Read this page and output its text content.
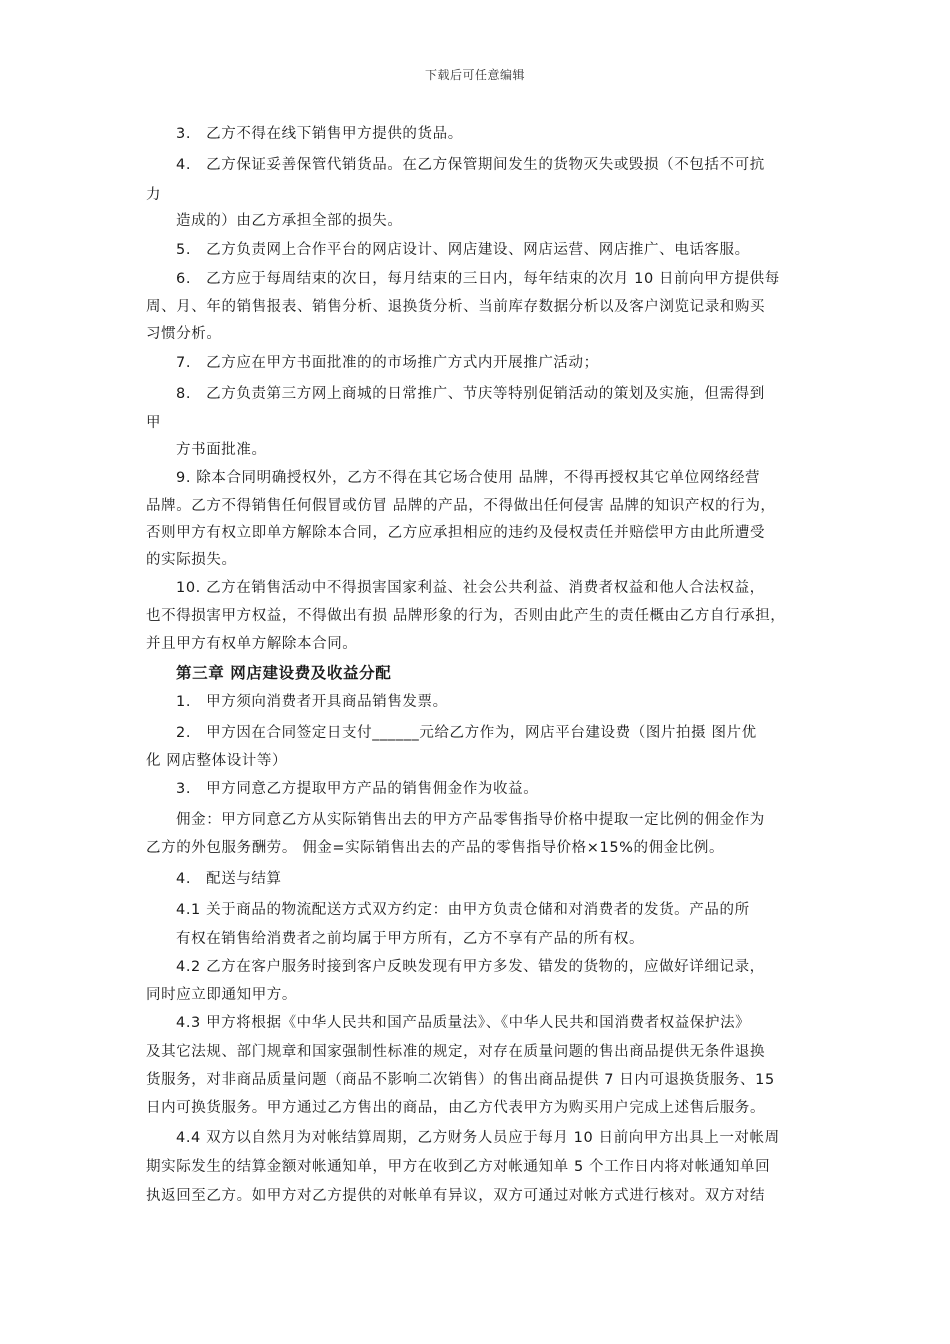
下载后可任意编辑
3.　乙方不得在线下销售甲方提供的货品。
4.　乙方保证妥善保管代销货品。在乙方保管期间发生的货物灭失或毁损（不包括不可抗
力
造成的）由乙方承担全部的损失。
5.　乙方负责网上合作平台的网店设计、网店建设、网店运营、网店推广、电话客服。
6.　乙方应于每周结束的次日，每月结束的三日内，每年结束的次月 10 日前向甲方提供每
周、月、年的销售报表、销售分析、退换货分析、当前库存数据分析以及客户浏览记录和购买
习惯分析。
7.　乙方应在甲方书面批准的的市场推广方式内开展推广活动；
8.　乙方负责第三方网上商城的日常推广、节庆等特别促销活动的策划及实施，但需得到
甲
方书面批准。
9. 除本合同明确授权外，乙方不得在其它场合使用 品牌，不得再授权其它单位网络经营
品牌。乙方不得销售任何假冒或仿冒 品牌的产品，不得做出任何侵害 品牌的知识产权的行为，
否则甲方有权立即单方解除本合同，乙方应承担相应的违约及侵权责任并赔偿甲方由此所遭受
的实际损失。
10. 乙方在销售活动中不得损害国家利益、社会公共利益、消费者权益和他人合法权益，
也不得损害甲方权益，不得做出有损 品牌形象的行为，否则由此产生的责任概由乙方自行承担，
并且甲方有权单方解除本合同。
第三章 网店建设费及收益分配
1.　甲方须向消费者开具商品销售发票。
2.　甲方因在合同签定日支付______元给乙方作为，网店平台建设费（图片拍摄 图片优
化 网店整体设计等）
3.　甲方同意乙方提取甲方产品的销售佣金作为收益。
佣金：甲方同意乙方从实际销售出去的甲方产品零售指导价格中提取一定比例的佣金作为
乙方的外包服务酬劳。 佣金=实际销售出去的产品的零售指导价格×15%的佣金比例。
4.　配送与结算
4.1 关于商品的物流配送方式双方约定：由甲方负责仓储和对消费者的发货。产品的所
有权在销售给消费者之前均属于甲方所有，乙方不享有产品的所有权。
4.2 乙方在客户服务时接到客户反映发现有甲方多发、错发的货物的，应做好详细记录，
同时应立即通知甲方。
4.3 甲方将根据《中华人民共和国产品质量法》、《中华人民共和国消费者权益保护法》
及其它法规、部门规章和国家强制性标准的规定，对存在质量问题的售出商品提供无条件退换
货服务，对非商品质量问题（商品不影响二次销售）的售出商品提供 7 日内可退换货服务、15
日内可换货服务。甲方通过乙方售出的商品，由乙方代表甲方为购买用户完成上述售后服务。
4.4 双方以自然月为对帐结算周期，乙方财务人员应于每月 10 日前向甲方出具上一对帐周
期实际发生的结算金额对帐通知单，甲方在收到乙方对帐通知单 5 个工作日内将对帐通知单回
执返回至乙方。如甲方对乙方提供的对帐单有异议，双方可通过对帐方式进行核对。双方对结
